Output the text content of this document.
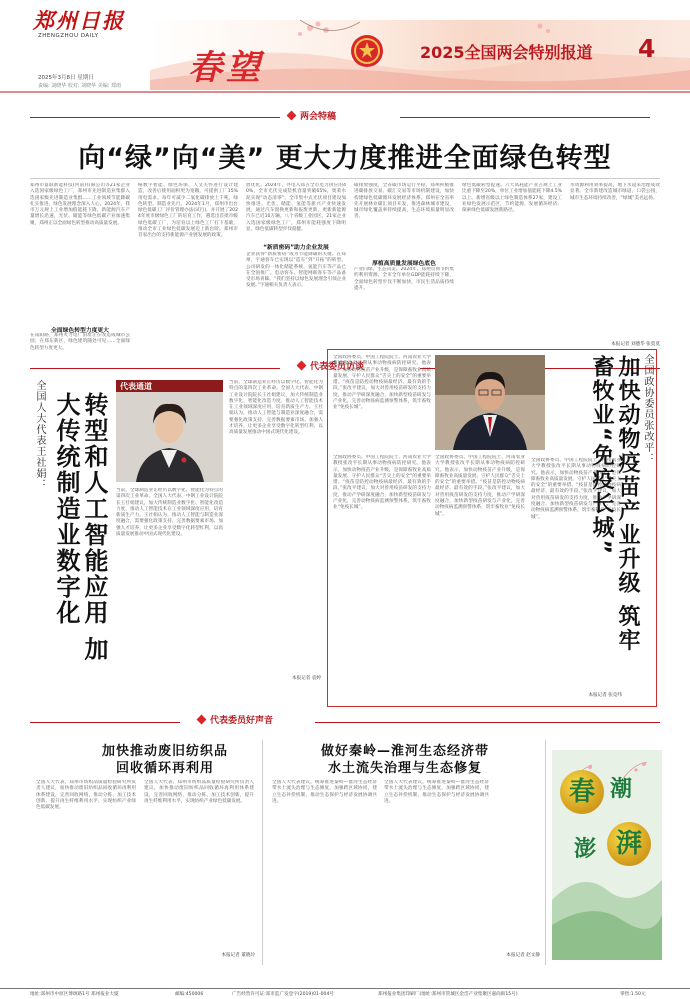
郑州日报
ZHENGZHOU DAILY
2025年3月8日 星期日
责编: 刘晓华 校对: 刘晓华 美编: 郑雨 春望	2025全国两会特别报道 4
两会特稿
向“绿”向“美” 更大力度推进全面绿色转型
郑州市富联新能科技(河南)有限公司等21家企业入选国家级绿色工厂，郑州市先进制造业集群入选国家级先进制造业集群……工业领域节能降碳扎实推进，绿色发展理念深入人心。2024年，我市万元规上工业增加值能耗下降，新能源汽车产量增长迅速，光伏、储能等绿色低碳产业加速集聚，郑州正以全面绿色转型推动高质量发展。
全面绿色转型力度更大
在南阳路，郑州火力电厂旧址正在改造成城市公园；在郑东新区，绿色建筑随处可见……全面绿色转型力度更大。
格数字智能、绿色环保、人文关怀进行设计建造，改善后使用面积更为宽敞，可提供工厂15%用电需求。每年可减少二氧化碳排放上千吨。绿色转型、制造业先行。2024年1月，郑州市出台绿色低碳工厂评价管理办法(试行)，并开展了2024年度市级绿色工厂的培育工作，遴选出首批市级绿色低碳工厂，为培育以上绿色工厂打下基础，推动全市工业绿色低碳发展迈上新台阶。郑州市首家出台的支持新能源产业链发展的政策。
放优化。2024年，外电入郑占全市电力供应的40%，全市光伏完成装机容量突破65%，奥莱水泥实现“动态清零”，全市集中式光伏项目建设加快推进。光伏、储能、氢能等新兴产业快速发展，通过汽车置换更新和报废更新，更新新能源汽车已近10万辆。八个省级工业园区、21家企业入选国家级绿色工厂，郑州市能耗强度下降明显，绿色低碳转型步伐稳健。
“新质密码”助力企业发展
企业获得“新质密码”成为节能降碳的关键。在郑州，宇通客车已实现以“造车”到“开拓”的转型。公司研发的一体化储能系统、氢能汽车等产品已在全国推广。电动客车、智能网联客车等产品备受市场青睐。“我们坚持以绿色发展理念引领企业发展。”宇通相关负责人表示。
碳排放强度，全省碳市场运行平稳，郑州积极推进碳排放交易、碳汇交易等市场机制建设，加快构建绿色低碳循环发展经济体系。郑州在全省率先开展林业碳汇项目开发，推进森林城市建设，城市绿化覆盖率持续提高，生态环境质量明显改善。
厚植高质量发展绿色底色
产业向绿，生态向美。2024年，郑州贯彻节约集约利用资源，全市全年单位GDP能耗持续下降，全面绿色转型步伐不断加快，市民生活品质持续提升。
绿色低碳转型提速。六大高耗能产业占规上工业比重下降至20%，单位工业增加值能耗下降4.5%以上。新增省级以上绿色制造体系27家，建设工业绿色发展示范区，节约能源、发展循环经济，探索绿色低碳发展新路径。
水资源利用效率提高，地下水超采治理成效显著。全市新建改造城市绿道、口袋公园，城市生态环境持续改善，“绿城”美名远扬。
本报记者 刘德华 张莫莫
代表委员访谈
全国人大代表王社娟：	转型和人工智能应用 加大传统制造业数字化
代表通道
当前，全球制造业正经历以数字化、智能化为特点的第四次工业革命。全国人大代表、中钢工业设计院院长王社娟建议，加大传统制造业数字化、智能化改造力度，推动人工智能技术在工业领域深度应用，培育新质生产力。王社娟认为，推动人工智能与制造业深度融合，需要强化政策支持、完善数据要素市场、加强人才培养，让更多企业享受数字化转型红利，以高质量发展推动中国式现代化建设。
当前，全球制造业正经历以数字化、智能化为特点的第四次工业革命。全国人大代表、中钢工业设计院院长王社娟建议，加大传统制造业数字化、智能化改造力度，推动人工智能技术在工业领域深度应用，培育新质生产力。王社娟认为，推动人工智能与制造业深度融合，需要强化政策支持、完善数据要素市场、加强人才培养，让更多企业享受数字化转型红利，以高质量发展推动中国式现代化建设。
本报记者 袁婷
全国政协委员、中国工程院院士、河南农业大学教授张改平长期从事动物疫病防控研究。他表示，加快动物疫苗产业升级，是保障畜牧业高质量发展、守护人民群众“舌尖上的安全”的重要举措。“疫苗是防控动物疫病最经济、最有效的手段。”张改平建议，加大对兽用疫苗研发的支持力度，推动产学研深度融合，加快新型疫苗研发与产业化，完善动物疫病监测预警体系，筑牢畜牧业“免疫长城”。
全国政协委员、中国工程院院士、河南农业大学教授张改平长期从事动物疫病防控研究。他表示，加快动物疫苗产业升级，是保障畜牧业高质量发展、守护人民群众“舌尖上的安全”的重要举措。“疫苗是防控动物疫病最经济、最有效的手段。”张改平建议，加大对兽用疫苗研发的支持力度，推动产学研深度融合，加快新型疫苗研发与产业化，完善动物疫病监测预警体系，筑牢畜牧业“免疫长城”。
全国政协委员、中国工程院院士、河南农业大学教授张改平长期从事动物疫病防控研究。他表示，加快动物疫苗产业升级，是保障畜牧业高质量发展、守护人民群众“舌尖上的安全”的重要举措。“疫苗是防控动物疫病最经济、最有效的手段。”张改平建议，加大对兽用疫苗研发的支持力度，推动产学研深度融合，加快新型疫苗研发与产业化，完善动物疫病监测预警体系，筑牢畜牧业“免疫长城”。
全国政协委员、中国工程院院士、河南农业大学教授张改平长期从事动物疫病防控研究。他表示，加快动物疫苗产业升级，是保障畜牧业高质量发展、守护人民群众“舌尖上的安全”的重要举措。“疫苗是防控动物疫病最经济、最有效的手段。”张改平建议，加大对兽用疫苗研发的支持力度，推动产学研深度融合，加快新型疫苗研发与产业化，完善动物疫病监测预警体系，筑牢畜牧业“免疫长城”。
本报记者 张竞纬
加快动物疫苗产业升级 筑牢畜牧业“免疫长城”	全国政协委员张改平：
代表委员好声音
加快推动废旧纺织品
回收循环再利用
全国人大代表、郑州市纺织品质量检验研究所负责人建议，加快推动废旧纺织品回收循环再利用体系建设，完善回收网络，推动分拣、加工技术创新，提升再生纤维利用水平，实现纺织产业绿色低碳发展。
全国人大代表、郑州市纺织品质量检验研究所负责人建议，加快推动废旧纺织品回收循环再利用体系建设，完善回收网络，推动分拣、加工技术创新，提升再生纤维利用水平，实现纺织产业绿色低碳发展。
本报记者 董晓玲
做好秦岭—淮河生态经济带
水土流失治理与生态修复
全国人大代表建议，统筹推进秦岭—淮河生态经济带水土流失治理与生态修复，加强跨区域协同，建立生态补偿机制，推动生态保护与经济发展协调共进。
全国人大代表建议，统筹推进秦岭—淮河生态经济带水土流失治理与生态修复，加强跨区域协同，建立生态补偿机制，推动生态保护与经济发展协调共进。
本报记者 赵文静
春 潮
澎 湃
地址:郑州市中原区博颂路1号 郑州报业大厦	邮编:450006	广告经营许可证:郑市监广发登字(2019)01-004号	郑州报业集团印刷厂(地址:郑州市管城区金岱产业集聚区嘉尚街15号)	零售:1.50元
